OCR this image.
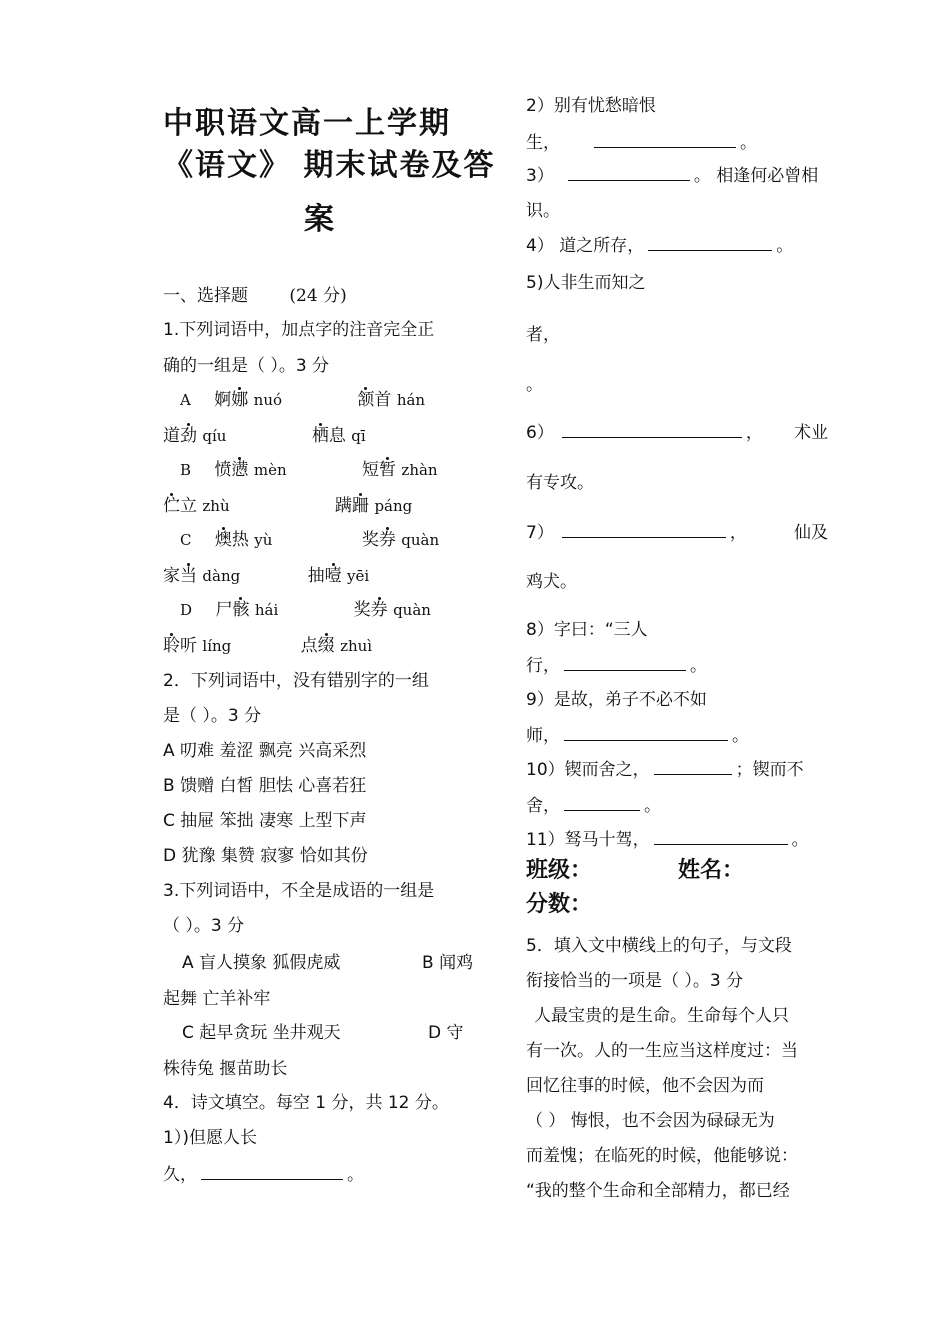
中职语文高一上学期
《语文》 期末试卷及答
案
一、选择题 (24 分)
1.下列词语中，加点字的注音完全正
确的一组是（ ）。3 分
A 婀娜 nuó	颔首 hán
道劲 qíu	栖息 qī
B 愤懑 mèn	短暂 zhàn
伫立 zhù	蹒跚 páng
C 燠热 yù	奖券 quàn
家当 dàng	抽噎 yēi
D 尸骸 hái	奖券 quàn
聆听 líng	点缀 zhuì
2．下列词语中，没有错别字的一组
是（ ）。3 分
A 叨难 羞涩 飘亮 兴高采烈
B 馈赠 白皙 胆怯 心喜若狂
C 抽屉 笨拙 凄寒 上型下声
D 犹豫 集赞 寂寥 恰如其份
3.下列词语中，不全是成语的一组是
（ ）。3 分
A 盲人摸象 狐假虎威	B 闻鸡
起舞 亡羊补牢
C 起早贪玩 坐井观天	D 守
株待兔 揠苗助长
4．诗文填空。每空 1 分，共 12 分。
1）)但愿人长
久，	。
2）别有忧愁暗恨
生，	。
3）	。 相逢何必曾相
识。
4） 道之所存，	。
5)人非生而知之
者，
。
6）	， 术业
有专攻。
7）	，	仙及
鸡犬。
8）字曰：“三人
行，	。
9）是故，弟子不必不如
师，	。
10）锲而舍之，	；锲而不
舍，	。
11）驽马十驾，	。
班级：	姓名：
分数：
5．填入文中横线上的句子，与文段
衔接恰当的一项是（ ）。3 分
人最宝贵的是生命。生命每个人只
有一次。人的一生应当这样度过：当
回忆往事的时候，他不会因为而
（ ） 悔恨，也不会因为碌碌无为
而羞愧；在临死的时候，他能够说：
“我的整个生命和全部精力，都已经
